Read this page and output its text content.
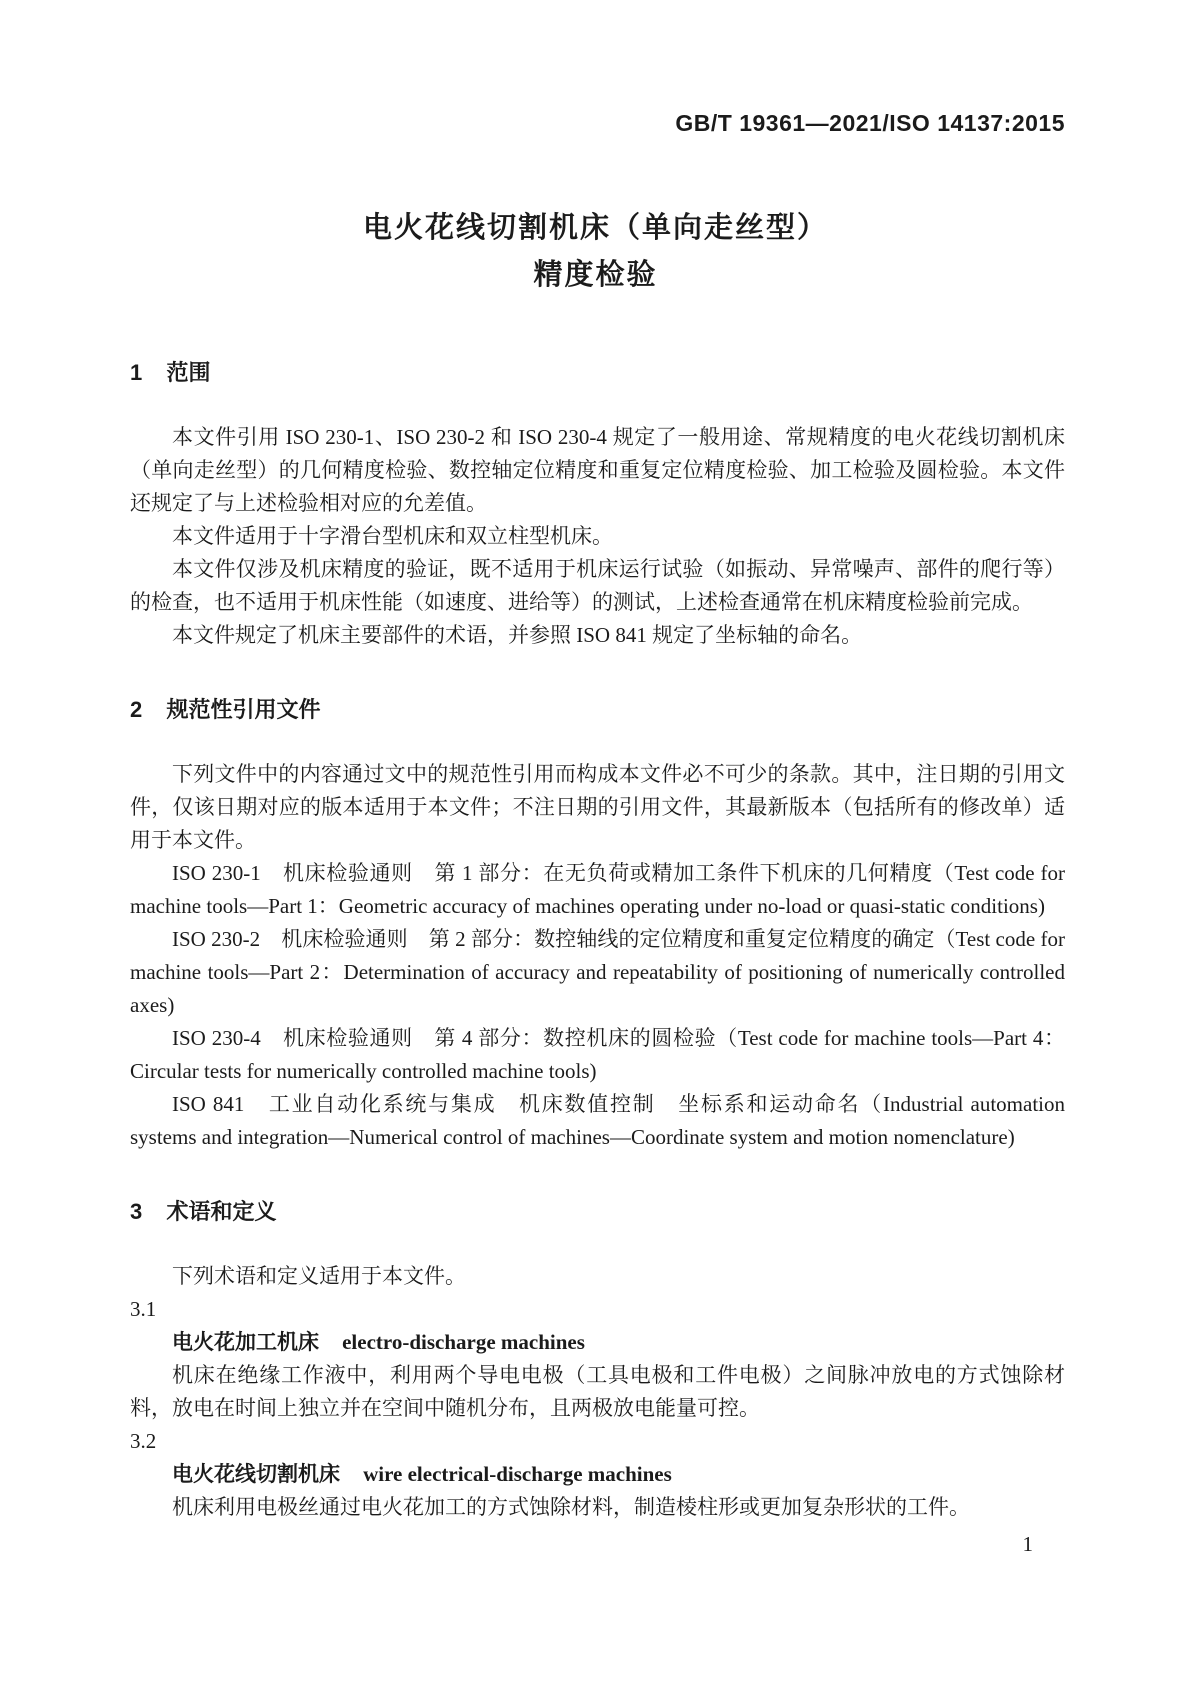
GB/T 19361—2021/ISO 14137:2015
电火花线切割机床（单向走丝型）
精度检验
1 范围

本文件引用 ISO 230-1、ISO 230-2 和 ISO 230-4 规定了一般用途、常规精度的电火花线切割机床（单向走丝型）的几何精度检验、数控轴定位精度和重复定位精度检验、加工检验及圆检验。本文件还规定了与上述检验相对应的允差值。

本文件适用于十字滑台型机床和双立柱型机床。

本文件仅涉及机床精度的验证，既不适用于机床运行试验（如振动、异常噪声、部件的爬行等）的检查，也不适用于机床性能（如速度、进给等）的测试，上述检查通常在机床精度检验前完成。

本文件规定了机床主要部件的术语，并参照 ISO 841 规定了坐标轴的命名。

2 规范性引用文件

下列文件中的内容通过文中的规范性引用而构成本文件必不可少的条款。其中，注日期的引用文件，仅该日期对应的版本适用于本文件；不注日期的引用文件，其最新版本（包括所有的修改单）适用于本文件。

ISO 230-1　机床检验通则　第 1 部分：在无负荷或精加工条件下机床的几何精度（Test code for machine tools—Part 1：Geometric accuracy of machines operating under no-load or quasi-static conditions)

ISO 230-2　机床检验通则　第 2 部分：数控轴线的定位精度和重复定位精度的确定（Test code for machine tools—Part 2：Determination of accuracy and repeatability of positioning of numerically controlled axes)

ISO 230-4　机床检验通则　第 4 部分：数控机床的圆检验（Test code for machine tools—Part 4：Circular tests for numerically controlled machine tools)

ISO 841　工业自动化系统与集成　机床数值控制　坐标系和运动命名（Industrial automation systems and integration—Numerical control of machines—Coordinate system and motion nomenclature)

3 术语和定义

下列术语和定义适用于本文件。

3.1

电火花加工机床 electro-discharge machines

机床在绝缘工作液中，利用两个导电电极（工具电极和工件电极）之间脉冲放电的方式蚀除材料，放电在时间上独立并在空间中随机分布，且两极放电能量可控。

3.2

电火花线切割机床 wire electrical-discharge machines

机床利用电极丝通过电火花加工的方式蚀除材料，制造棱柱形或更加复杂形状的工件。

1
